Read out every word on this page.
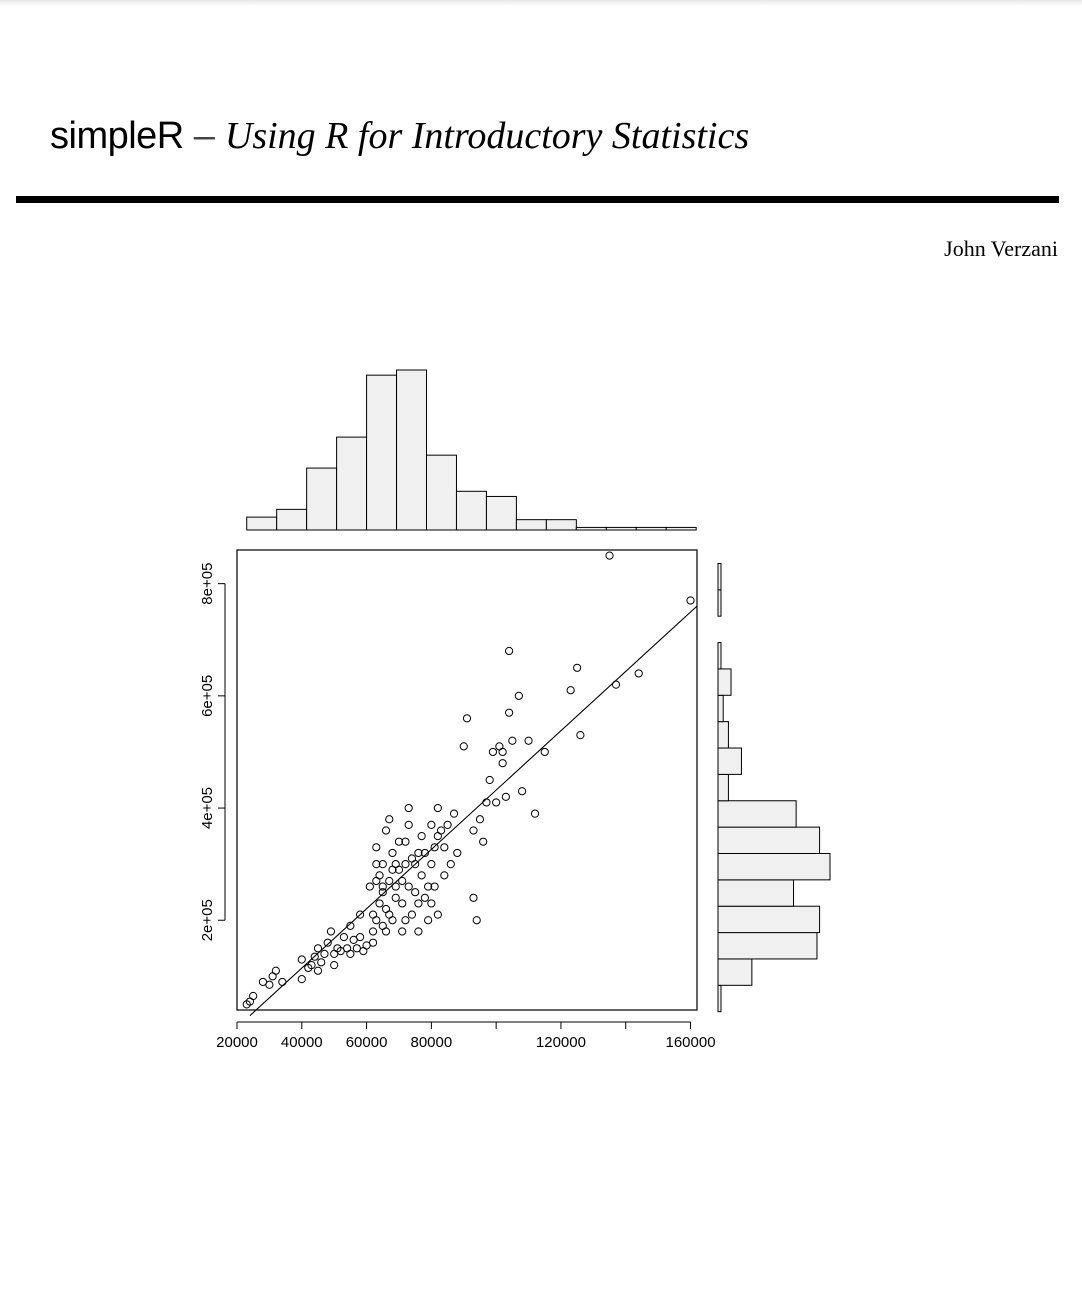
simpleR – Using R for Introductory Statistics
John Verzani
20000 40000 60000 80000	120000	160000
2e+05
4e+05
6e+05
8e+05
